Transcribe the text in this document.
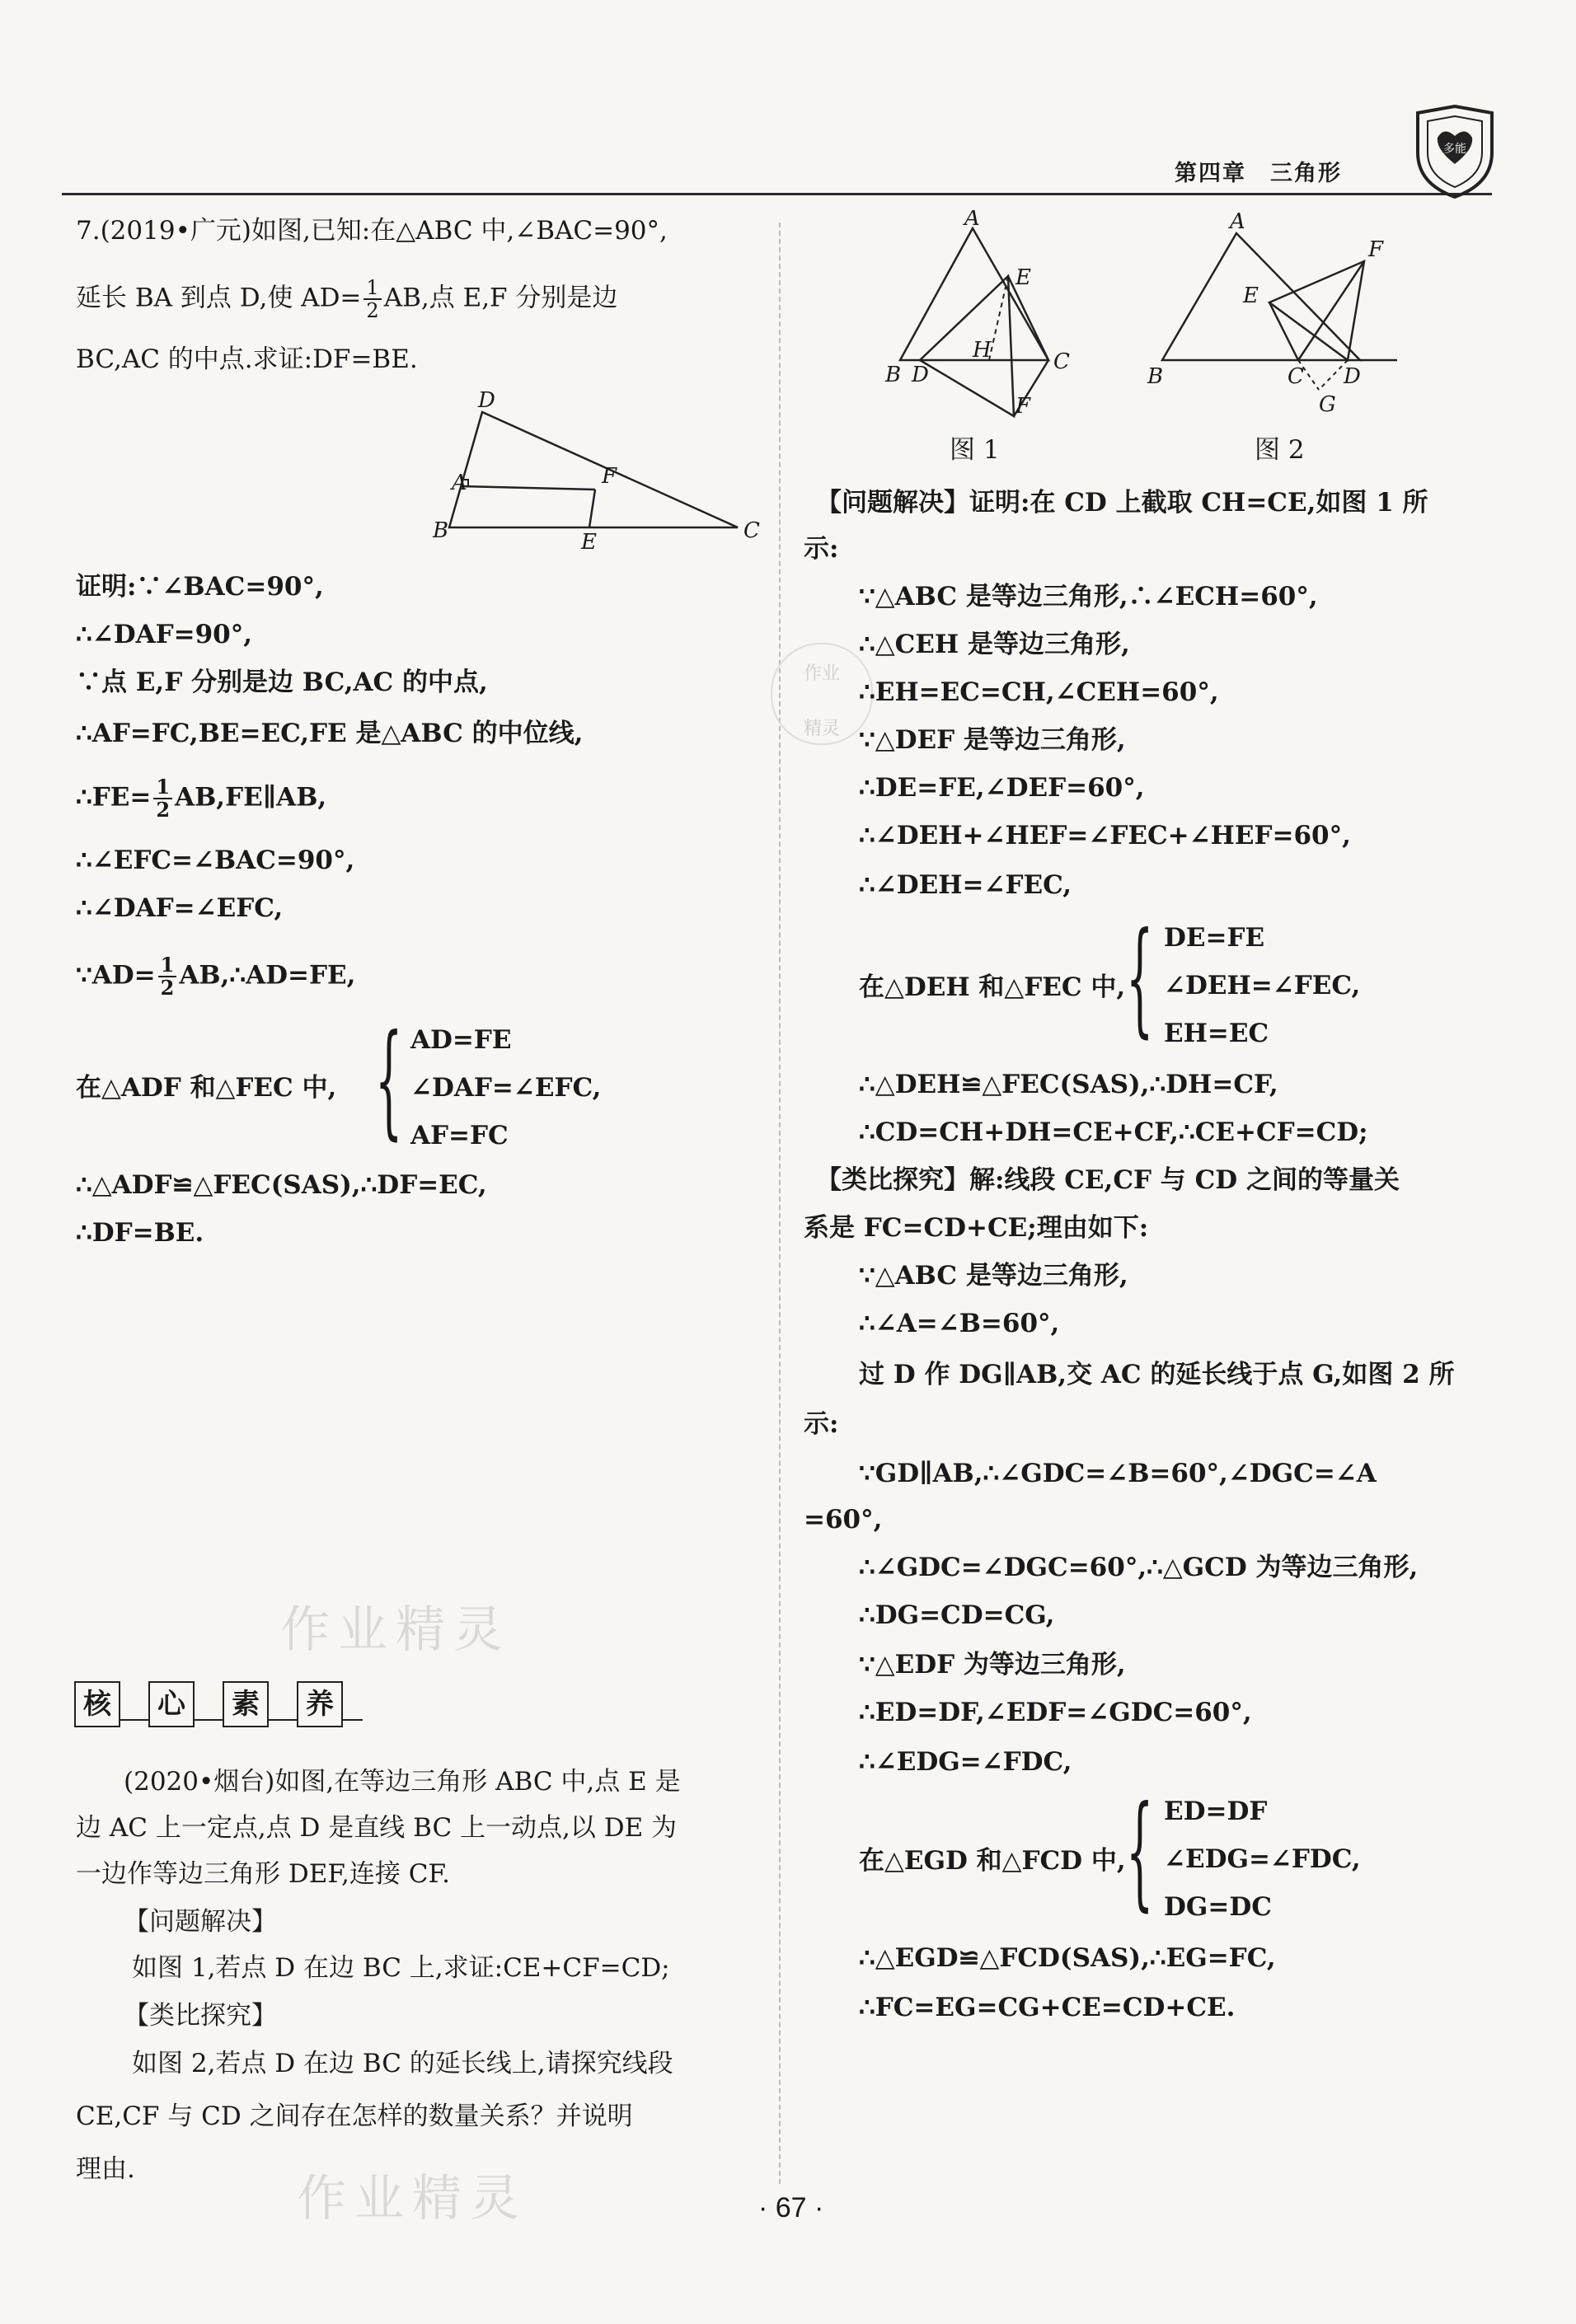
第四章　三角形
多能
作业精灵
作业精灵
作业
精灵
7.(2019•广元)如图,已知:在△ABC 中,∠BAC=90°,
延长 BA 到点 D,使 $AD= \frac{1}{2}$ AB,点 E,F 分别是边
BC,AC 的中点.求证:DF=BE.
D
A	F
B	E	C
证明:∵∠BAC=90°,
∴∠DAF=90°,
∵点 E,F 分别是边 BC,AC 的中点,
∴AF=FC,BE=EC,FE 是△ABC 的中位线,
∴FE= $\frac{1}{2}$ AB,FE∥AB,
∴∠EFC=∠BAC=90°,
∴∠DAF=∠EFC,
∵AD= $\frac{1}{2}$ AB,∴AD=FE,
在△ADF 和△FEC 中, { AD=FE
∠DAF=∠EFC,
AF=FC
∴△ADF≌△FEC(SAS),∴DF=EC,
∴DF=BE.
核	心	素	养
(2020•烟台)如图,在等边三角形 ABC 中,点 E 是
边 AC 上一定点,点 D 是直线 BC 上一动点,以 DE 为
一边作等边三角形 DEF,连接 CF.
【问题解决】
如图 1,若点 D 在边 BC 上,求证:CE+CF=CD;
【类比探究】
如图 2,若点 D 在边 BC 的延长线上,请探究线段
CE,CF 与 CD 之间存在怎样的数量关系？并说明
理由.
A
E
H
B D
C
F
图 1
A
F
E
B	C D
G
图 2
【问题解决】证明:在 CD 上截取 CH=CE,如图 1 所
示:
∵△ABC 是等边三角形,∴∠ECH=60°,
∴△CEH 是等边三角形,
∴EH=EC=CH,∠CEH=60°,
∵△DEF 是等边三角形,
∴DE=FE,∠DEF=60°,
∴∠DEH+∠HEF=∠FEC+∠HEF=60°,
∴∠DEH=∠FEC,
在△DEH 和△FEC 中, { DE=FE
∠DEH=∠FEC,
EH=EC
∴△DEH≌△FEC(SAS),∴DH=CF,
∴CD=CH+DH=CE+CF,∴CE+CF=CD;
【类比探究】解:线段 CE,CF 与 CD 之间的等量关
系是 FC=CD+CE;理由如下:
∵△ABC 是等边三角形,
∴∠A=∠B=60°,
过 D 作 DG∥AB,交 AC 的延长线于点 G,如图 2 所
示:
∵GD∥AB,∴∠GDC=∠B=60°,∠DGC=∠A
=60°,
∴∠GDC=∠DGC=60°,∴△GCD 为等边三角形,
∴DG=CD=CG,
∵△EDF 为等边三角形,
∴ED=DF,∠EDF=∠GDC=60°,
∴∠EDG=∠FDC,
在△EGD 和△FCD 中, { ED=DF
∠EDG=∠FDC,
DG=DC
∴△EGD≌△FCD(SAS),∴EG=FC,
∴FC=EG=CG+CE=CD+CE.
· 67 ·
